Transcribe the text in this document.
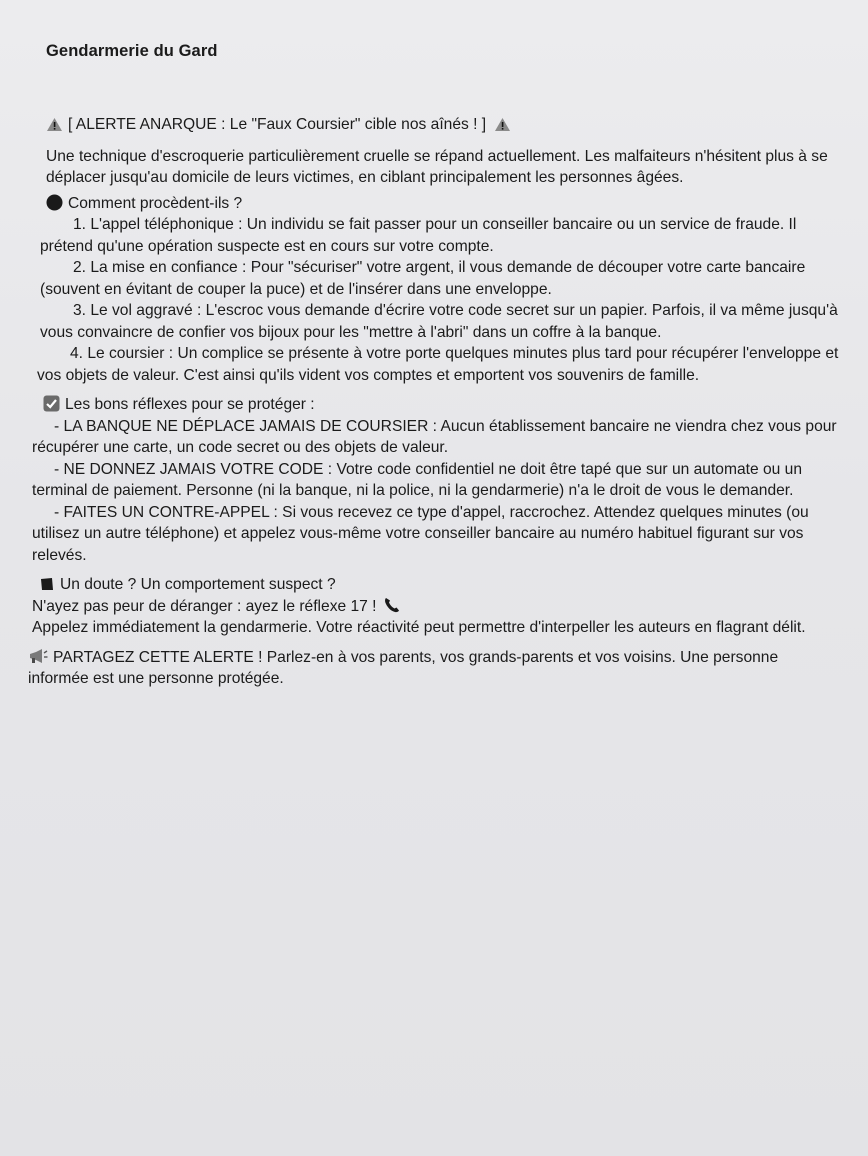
Gendarmerie du Gard

[ ALERTE ANARQUE : Le "Faux Coursier" cible nos aînés ! ]

Une technique d'escroquerie particulièrement cruelle se répand actuellement. Les malfaiteurs n'hésitent plus à se déplacer jusqu'au domicile de leurs victimes, en ciblant principalement les personnes âgées.

Comment procèdent-ils ?

1. L'appel téléphonique : Un individu se fait passer pour un conseiller bancaire ou un service de fraude. Il prétend qu'une opération suspecte est en cours sur votre compte.

2. La mise en confiance : Pour "sécuriser" votre argent, il vous demande de découper votre carte bancaire (souvent en évitant de couper la puce) et de l'insérer dans une enveloppe.

3. Le vol aggravé : L'escroc vous demande d'écrire votre code secret sur un papier. Parfois, il va même jusqu'à vous convaincre de confier vos bijoux pour les "mettre à l'abri" dans un coffre à la banque.

4. Le coursier : Un complice se présente à votre porte quelques minutes plus tard pour récupérer l'enveloppe et vos objets de valeur. C'est ainsi qu'ils vident vos comptes et emportent vos souvenirs de famille.

Les bons réflexes pour se protéger :

- LA BANQUE NE DÉPLACE JAMAIS DE COURSIER : Aucun établissement bancaire ne viendra chez vous pour récupérer une carte, un code secret ou des objets de valeur.

- NE DONNEZ JAMAIS VOTRE CODE : Votre code confidentiel ne doit être tapé que sur un automate ou un terminal de paiement. Personne (ni la banque, ni la police, ni la gendarmerie) n'a le droit de vous le demander.

- FAITES UN CONTRE-APPEL : Si vous recevez ce type d'appel, raccrochez. Attendez quelques minutes (ou utilisez un autre téléphone) et appelez vous-même votre conseiller bancaire au numéro habituel figurant sur vos relevés.

Un doute ? Un comportement suspect ?

N'ayez pas peur de déranger : ayez le réflexe 17 !

Appelez immédiatement la gendarmerie. Votre réactivité peut permettre d'interpeller les auteurs en flagrant délit.

PARTAGEZ CETTE ALERTE ! Parlez-en à vos parents, vos grands-parents et vos voisins. Une personne informée est une personne protégée.
